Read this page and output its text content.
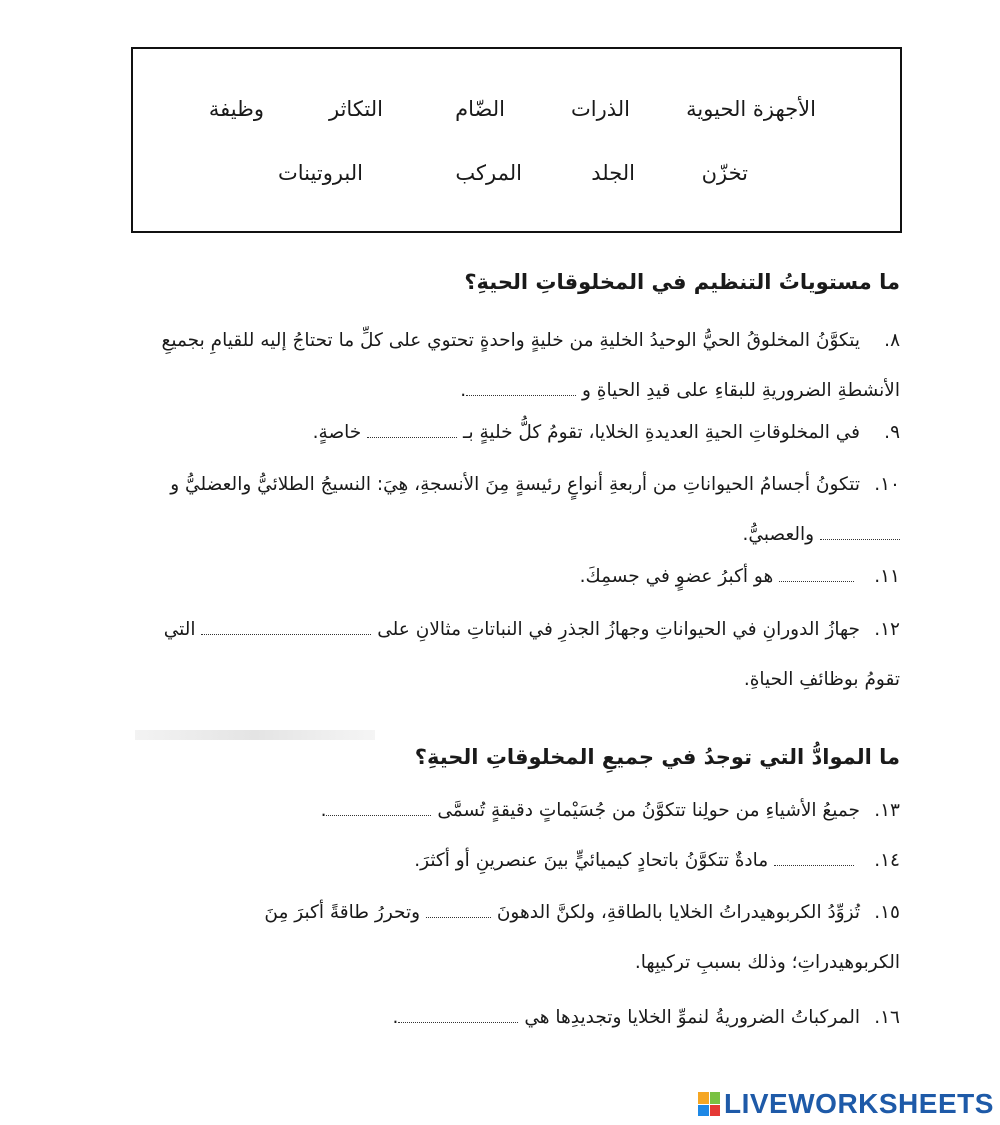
الأجهزة الحيوية
الذرات
الضّام
التكاثر
وظيفة
تخزّن
الجلد
المركب
البروتينات
ما مستوياتُ التنظيم في المخلوقاتِ الحيةِ؟
٨.يتكوَّنُ المخلوقُ الحيُّ الوحيدُ الخليةِ من خليةٍ واحدةٍ تحتوي على كلِّ ما تحتاجُ إليه للقيامِ بجميعِ الأنشطةِ الضروريةِ للبقاءِ على قيدِ الحياةِ و .
٩.في المخلوقاتِ الحيةِ العديدةِ الخلايا، تقومُ كلُّ خليةٍ بـ  خاصةٍ.
١٠.تتكونُ أجسامُ الحيواناتِ من أربعةِ أنواعٍ رئيسةٍ مِنَ الأنسجةِ، هِيَ: النسيجُ الطلائيُّ والعضليُّ و  والعصبيُّ.
١١.  هو أكبرُ عضوٍ في جسمِكَ.
١٢.جهازُ الدورانِ في الحيواناتِ وجهازُ الجذرِ في النباتاتِ مثالانِ على  التي تقومُ بوظائفِ الحياةِ.
ما الموادُّ التي توجدُ في جميعِ المخلوقاتِ الحيةِ؟
١٣.جميعُ الأشياءِ من حولِنا تتكوَّنُ من جُسَيْماتٍ دقيقةٍ تُسمَّى .
١٤.  مادةٌ تتكوَّنُ باتحادٍ كيميائيٍّ بينَ عنصرينِ أو أكثرَ.
١٥.تُزوِّدُ الكربوهيدراتُ الخلايا بالطاقةِ، ولكنَّ الدهونَ  وتحررُ طاقةً أكبرَ مِنَ الكربوهيدراتِ؛ وذلك بسببِ تركيبِها.
١٦.المركباتُ الضروريةُ لنموِّ الخلايا وتجديدِها هي .
LIVEWORKSHEETS
